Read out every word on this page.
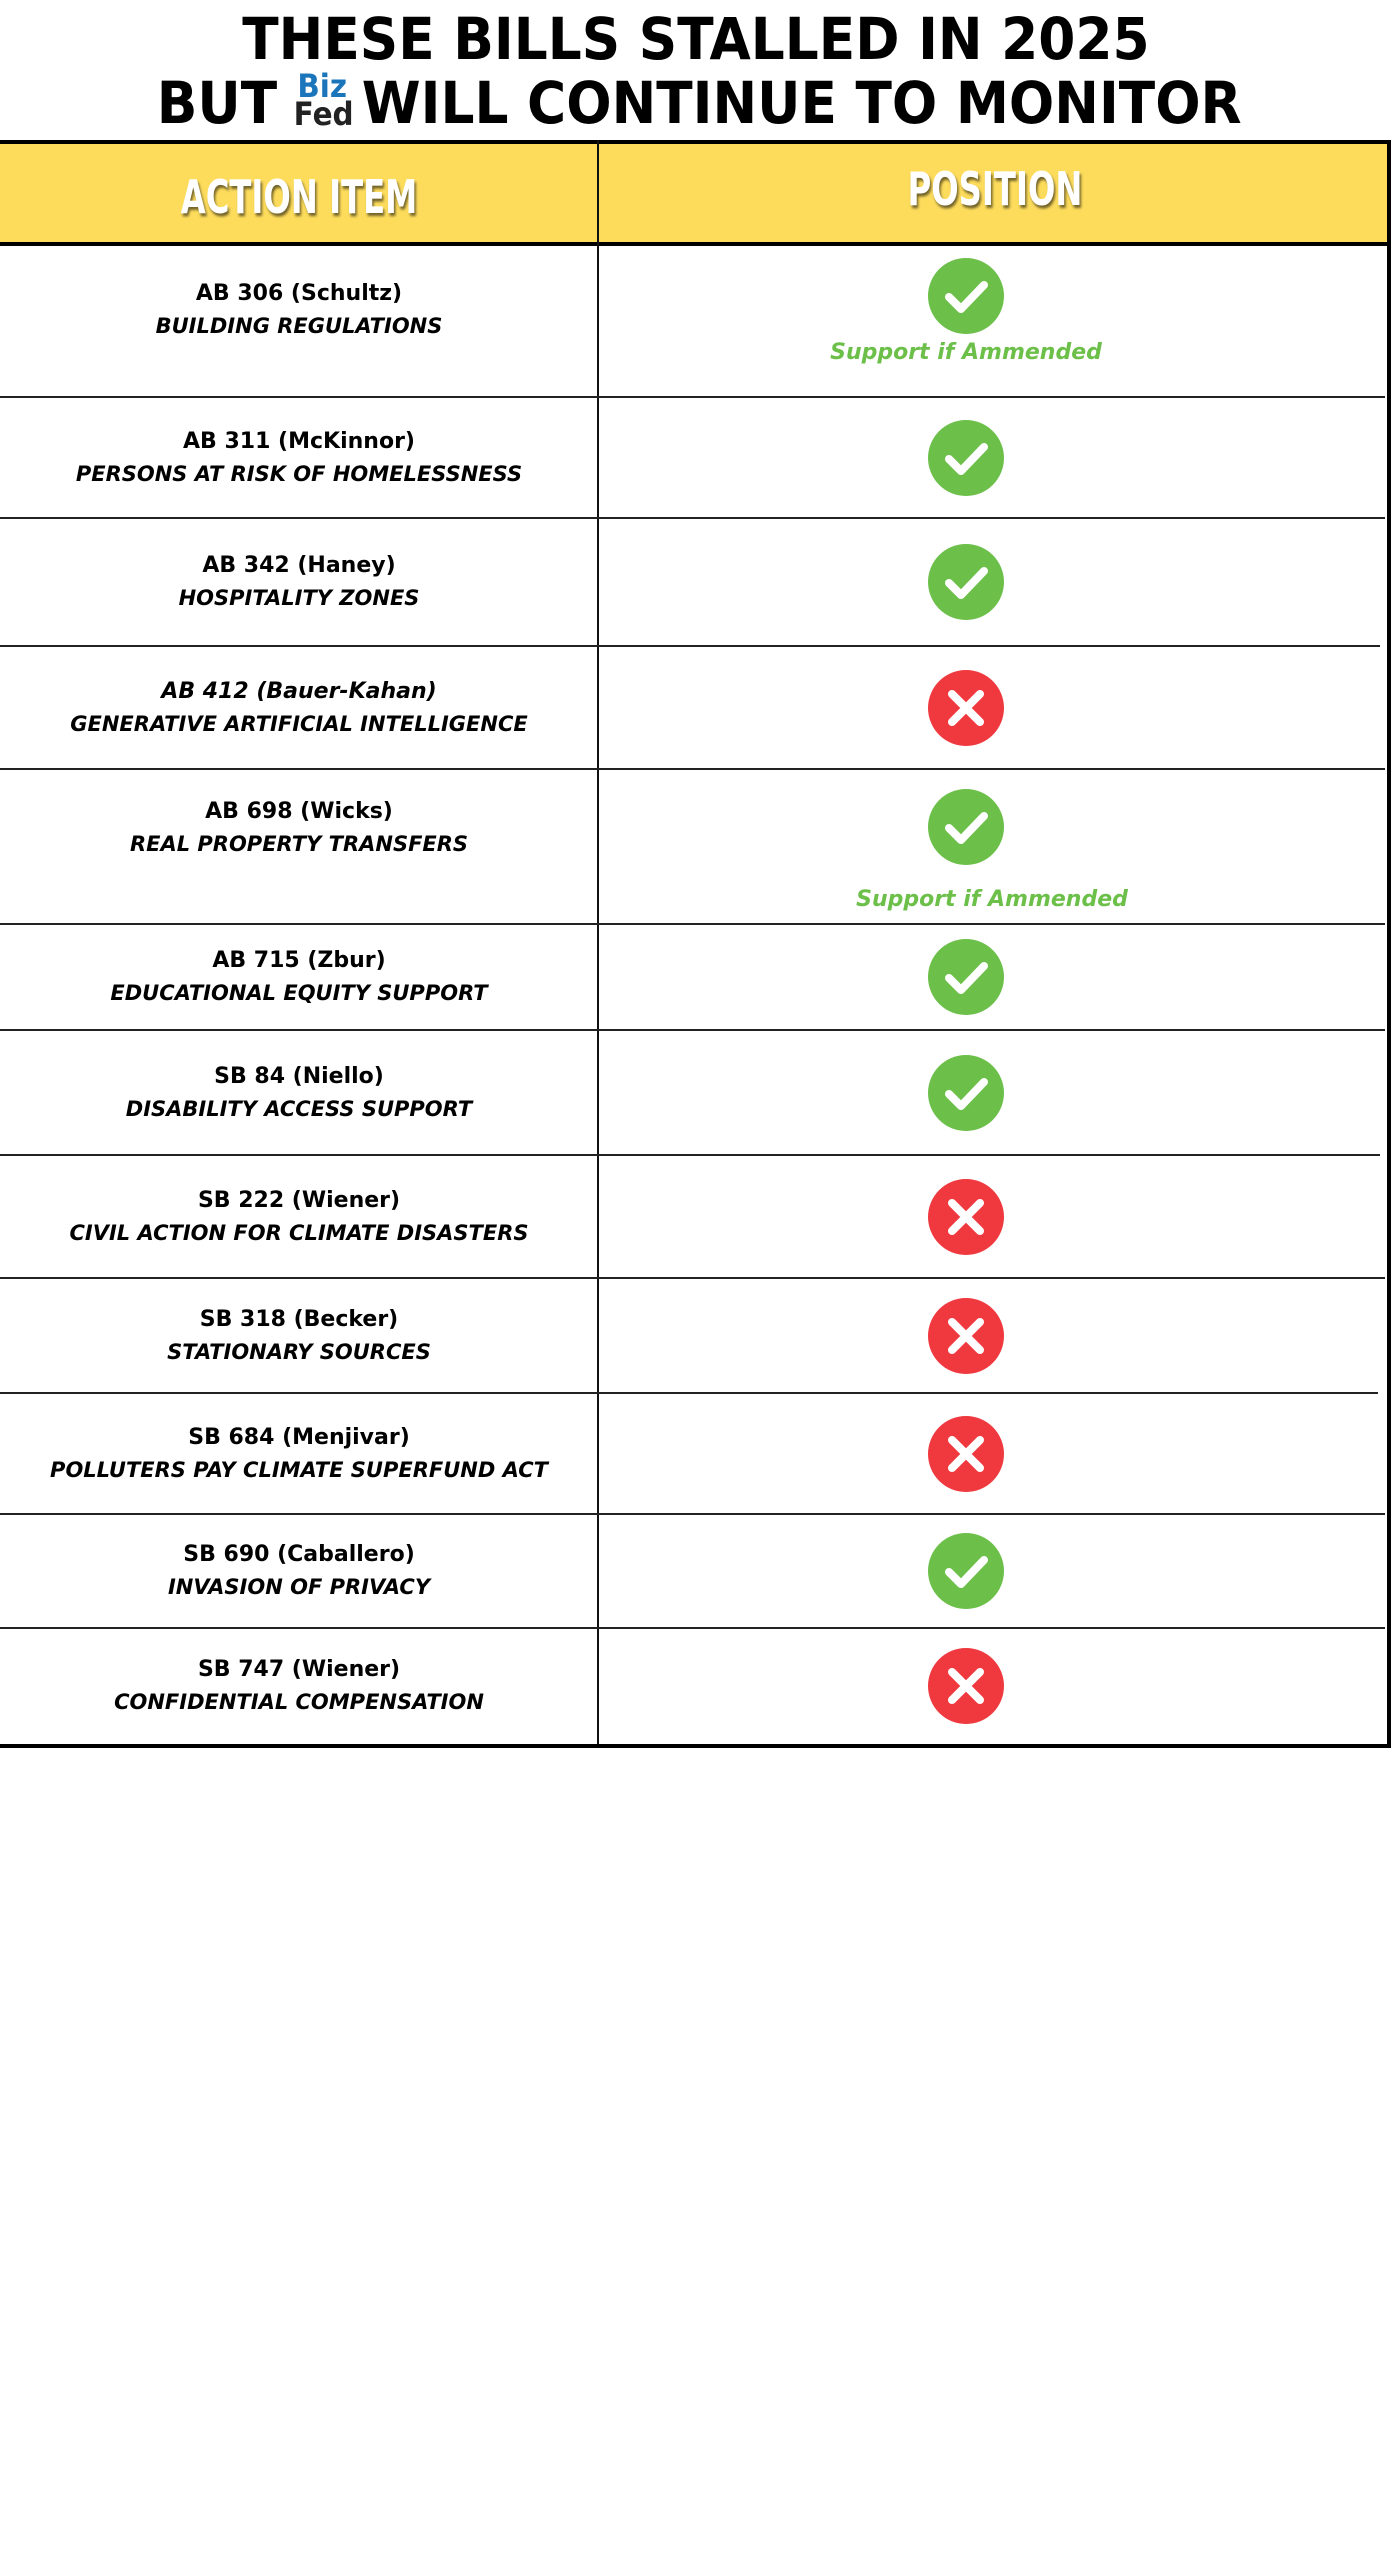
THESE BILLS STALLED IN 2025
BUT Biz
Fed WILL CONTINUE TO MONITOR
ACTION ITEM	POSITION
AB 306 (Schultz)
BUILDING REGULATIONS
Support if Ammended
AB 311 (McKinnor)
PERSONS AT RISK OF HOMELESSNESS
AB 342 (Haney)
HOSPITALITY ZONES
AB 412 (Bauer-Kahan)
GENERATIVE ARTIFICIAL INTELLIGENCE
AB 698 (Wicks)
REAL PROPERTY TRANSFERS
Support if Ammended
AB 715 (Zbur)
EDUCATIONAL EQUITY SUPPORT
SB 84 (Niello)
DISABILITY ACCESS SUPPORT
SB 222 (Wiener)
CIVIL ACTION FOR CLIMATE DISASTERS
SB 318 (Becker)
STATIONARY SOURCES
SB 684 (Menjivar)
POLLUTERS PAY CLIMATE SUPERFUND ACT
SB 690 (Caballero)
INVASION OF PRIVACY
SB 747 (Wiener)
CONFIDENTIAL COMPENSATION
